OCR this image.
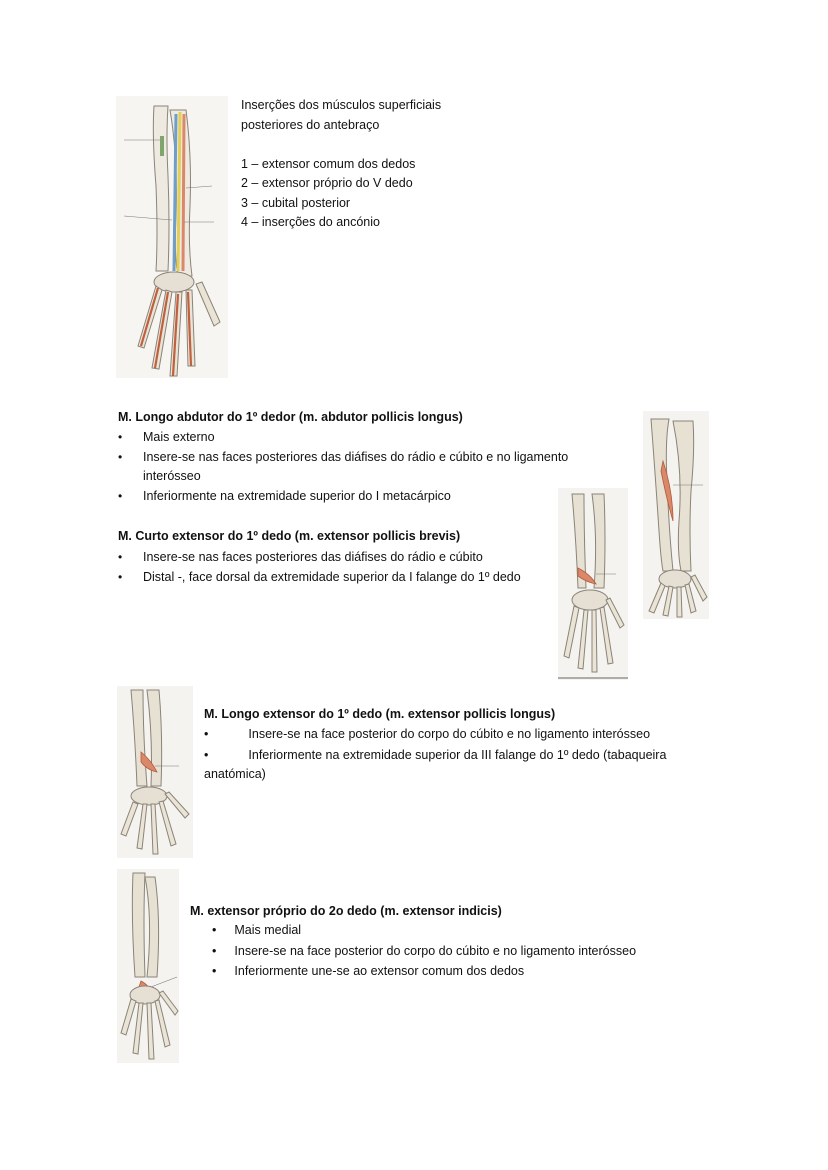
Inserções dos músculos superficiais
posteriores do antebraço
1 – extensor comum dos dedos
2 – extensor próprio do V dedo
3 – cubital posterior
4 – inserções do ancónio
M. Longo abdutor do 1º dedor (m. abdutor pollicis longus)
• Mais externo
• Insere-se nas faces posteriores das diáfises do rádio e cúbito e no ligamento
interósseo
• Inferiormente na extremidade superior do I metacárpico
M. Curto extensor do 1º dedo (m. extensor pollicis brevis)
• Insere-se nas faces posteriores das diáfises do rádio e cúbito
• Distal -, face dorsal da extremidade superior da I falange do 1º dedo
M. Longo extensor do 1º dedo (m. extensor pollicis longus)
•	Insere-se na face posterior do corpo do cúbito e no ligamento interósseo
•	Inferiormente na extremidade superior da III falange do 1º dedo (tabaqueira
anatómica)
M. extensor próprio do 2o dedo (m. extensor indicis)
• Mais medial
• Insere-se na face posterior do corpo do cúbito e no ligamento interósseo
• Inferiormente une-se ao extensor comum dos dedos
